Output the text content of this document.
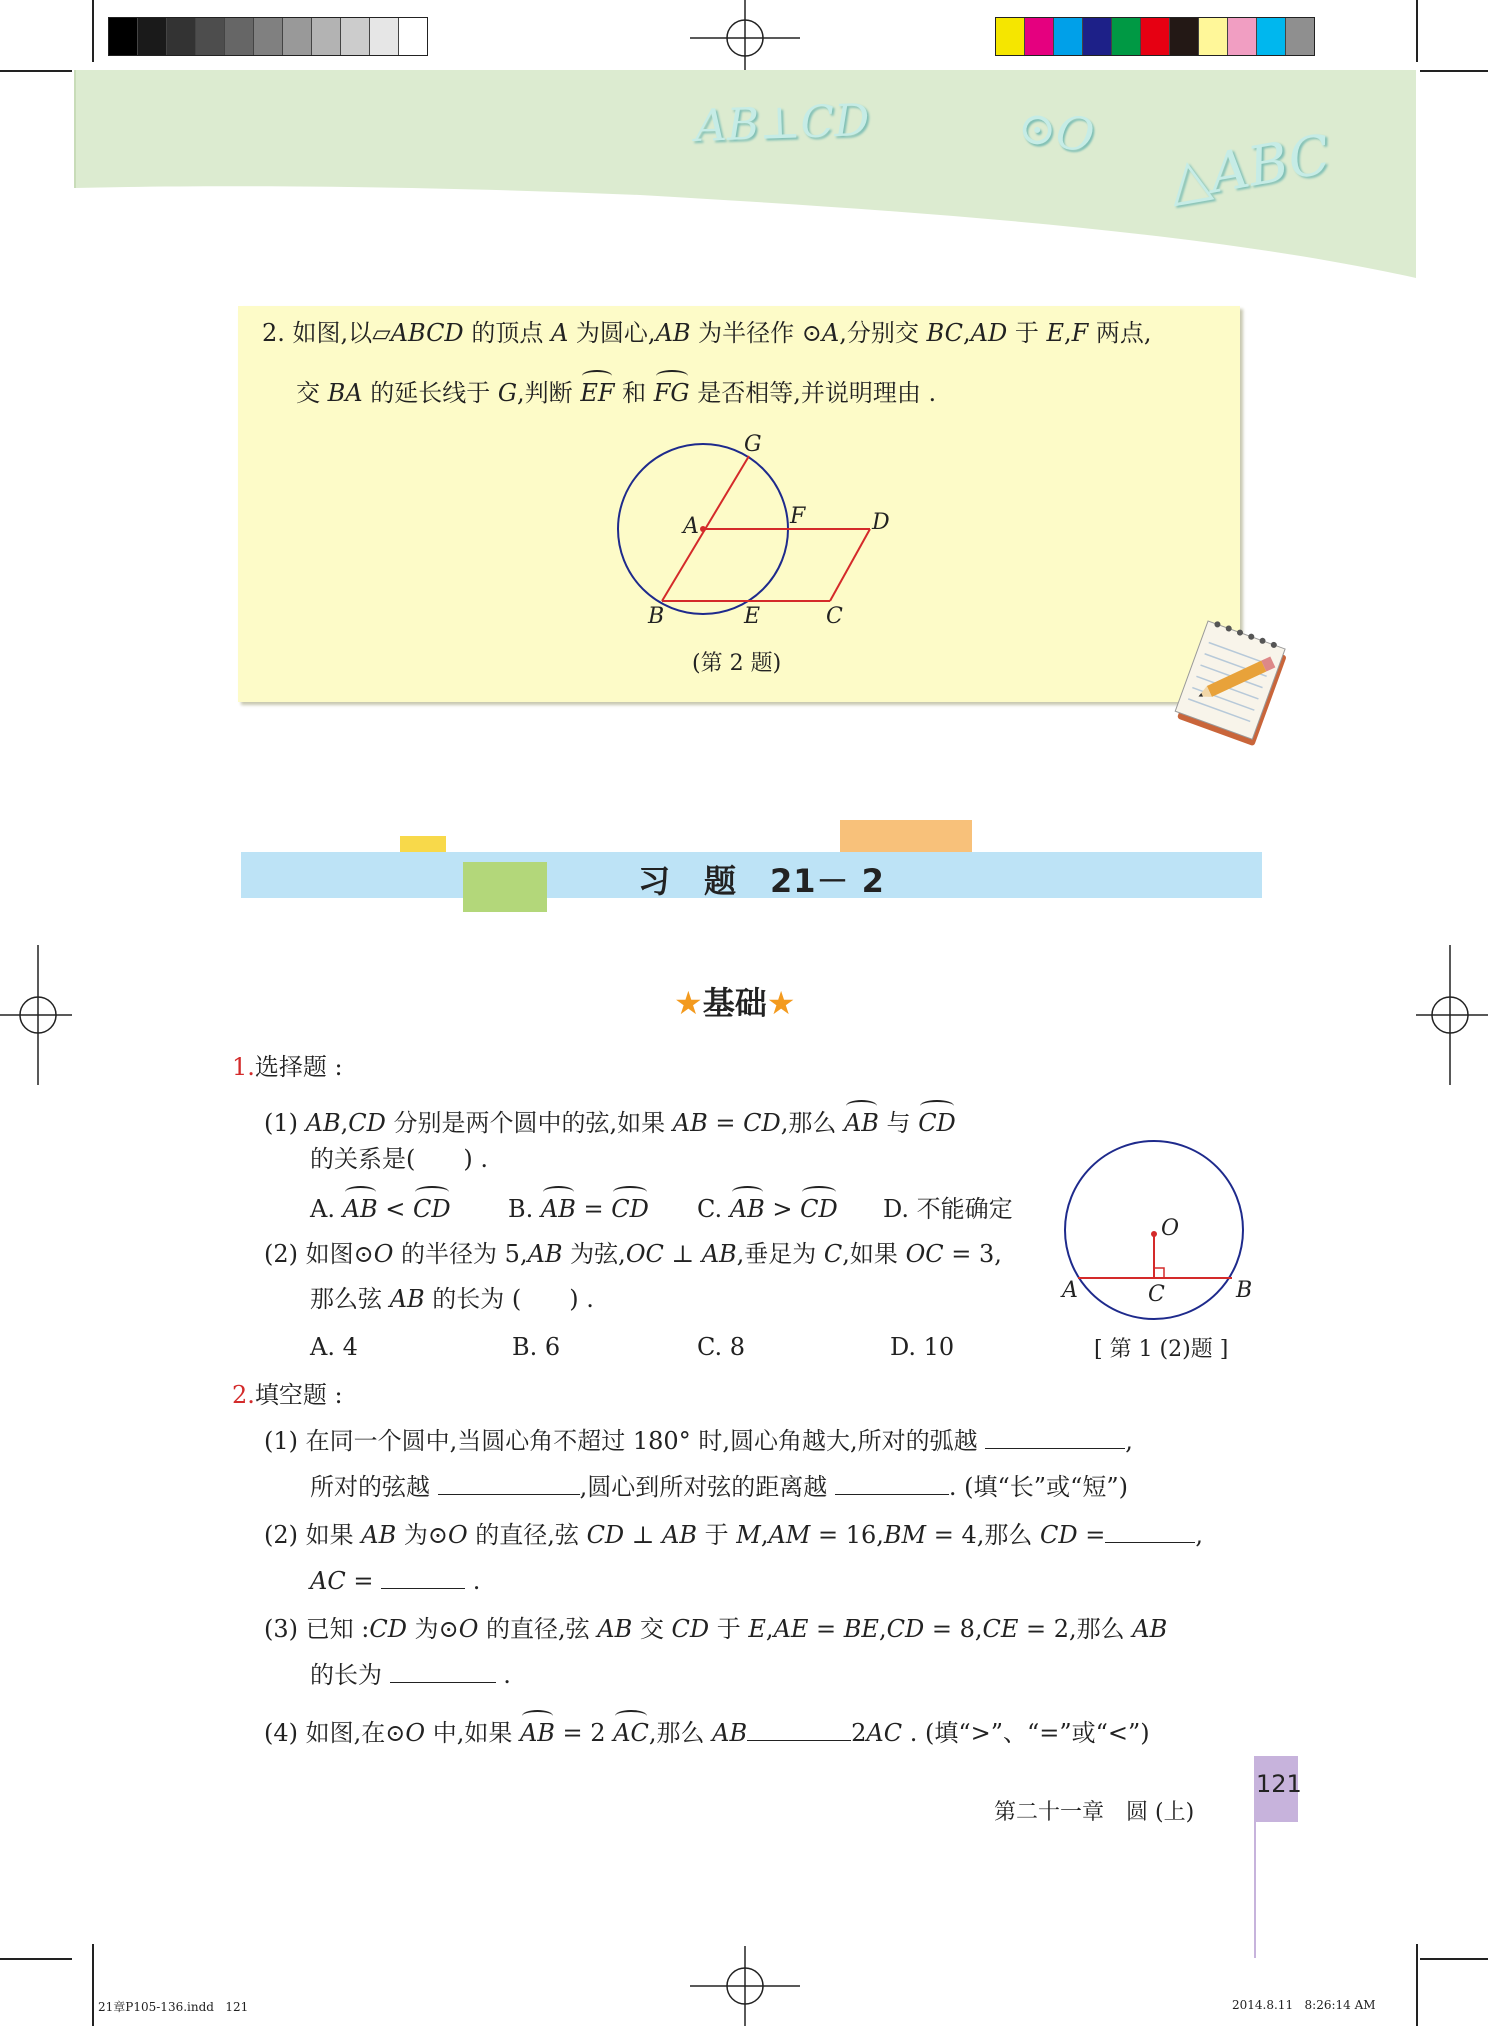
AB⊥CD	⊙O △ABC
2. 如图,以▱ABCD 的顶点 A 为圆心,AB 为半径作 ⊙A,分别交 BC,AD 于 E,F 两点,
交 BA 的延长线于 G,判断 EF 和 FG 是否相等,并说明理由 .
G
A	F	D
B	E	C
(第 2 题)
习　题　21－ 2
★基础★
1.选择题 :
(1) AB,CD 分别是两个圆中的弦,如果 AB = CD,那么 AB 与 CD
的关系是(　　) .
A. AB < CD B. AB = CD C. AB > CD D. 不能确定
(2) 如图⊙O 的半径为 5,AB 为弦,OC ⊥ AB,垂足为 C,如果 OC = 3,
那么弦 AB 的长为 (　　) .
A. 4	B. 6	C. 8	D. 10
O
A	C	B
[ 第 1 (2)题 ]
2.填空题 :
(1) 在同一个圆中,当圆心角不超过 180° 时,圆心角越大,所对的弧越	,
所对的弦越	,圆心到所对弦的距离越	. (填“长”或“短”)
(2) 如果 AB 为⊙O 的直径,弦 CD ⊥ AB 于 M,AM = 16,BM = 4,那么 CD =	,
AC =	.
(3) 已知 :CD 为⊙O 的直径,弦 AB 交 CD 于 E,AE = BE,CD = 8,CE = 2,那么 AB
的长为	.
(4) 如图,在⊙O 中,如果 AB = 2 AC,那么 AB	2AC . (填“>”、“=”或“<”)
121
第二十一章　圆 (上)
21章P105-136.indd   121	2014.8.11   8:26:14 AM
